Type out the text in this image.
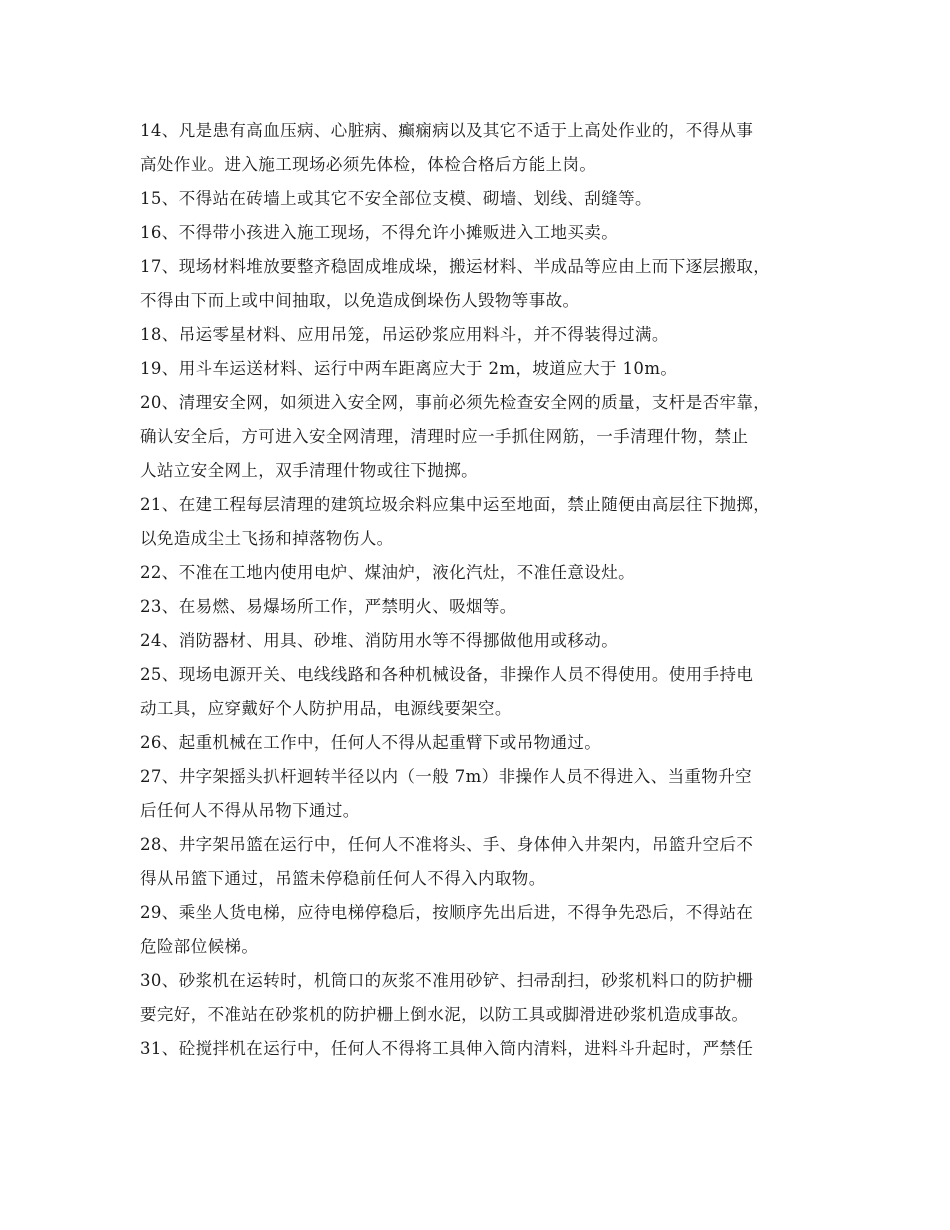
14、凡是患有高血压病、心脏病、癫痫病以及其它不适于上高处作业的，不得从事
高处作业。进入施工现场必须先体检，体检合格后方能上岗。
15、不得站在砖墙上或其它不安全部位支模、砌墙、划线、刮缝等。
16、不得带小孩进入施工现场，不得允许小摊贩进入工地买卖。
17、现场材料堆放要整齐稳固成堆成垛，搬运材料、半成品等应由上而下逐层搬取，
不得由下而上或中间抽取，以免造成倒垛伤人毁物等事故。
18、吊运零星材料、应用吊笼，吊运砂浆应用料斗，并不得装得过满。
19、用斗车运送材料、运行中两车距离应大于 2m，坡道应大于 10m。
20、清理安全网，如须进入安全网，事前必须先检查安全网的质量，支杆是否牢靠，
确认安全后，方可进入安全网清理，清理时应一手抓住网筋，一手清理什物，禁止
人站立安全网上，双手清理什物或往下抛掷。
21、在建工程每层清理的建筑垃圾余料应集中运至地面，禁止随便由高层往下抛掷，
以免造成尘土飞扬和掉落物伤人。
22、不准在工地内使用电炉、煤油炉，液化汽灶，不准任意设灶。
23、在易燃、易爆场所工作，严禁明火、吸烟等。
24、消防器材、用具、砂堆、消防用水等不得挪做他用或移动。
25、现场电源开关、电线线路和各种机械设备，非操作人员不得使用。使用手持电
动工具，应穿戴好个人防护用品，电源线要架空。
26、起重机械在工作中，任何人不得从起重臂下或吊物通过。
27、井字架摇头扒杆迴转半径以内（一般 7m）非操作人员不得进入、当重物升空
后任何人不得从吊物下通过。
28、井字架吊篮在运行中，任何人不准将头、手、身体伸入井架内，吊篮升空后不
得从吊篮下通过，吊篮未停稳前任何人不得入内取物。
29、乘坐人货电梯，应待电梯停稳后，按顺序先出后进，不得争先恐后，不得站在
危险部位候梯。
30、砂浆机在运转时，机筒口的灰浆不准用砂铲、扫帚刮扫，砂浆机料口的防护栅
要完好，不准站在砂浆机的防护栅上倒水泥，以防工具或脚滑进砂浆机造成事故。
31、砼搅拌机在运行中，任何人不得将工具伸入筒内清料，进料斗升起时，严禁任
